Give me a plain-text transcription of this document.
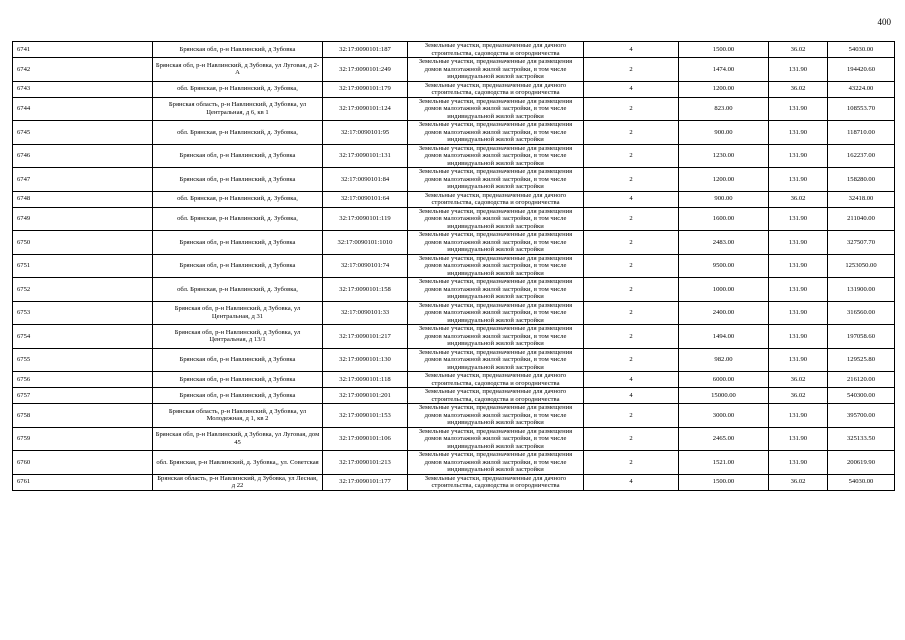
400
6741	Брянская обл, р-н Навлинский, д Зубовка	32:17:0090101:187	Земельные участки, предназначенные для дачного строительства, садоводства и огородничества	4	1500.00	36.02	54030.00
6742	Брянская обл, р-н Навлинский, д Зубовка, ул Луговая, д 2-А	32:17:0090101:249	Земельные участки, предназначенные для размещения домов малоэтажной жилой застройки, в том числе индивидуальной жилой застройки	2	1474.00	131.90	194420.60
6743	обл. Брянская, р-н Навлинский, д. Зубовка,	32:17:0090101:179	Земельные участки, предназначенные для дачного строительства, садоводства и огородничества	4	1200.00	36.02	43224.00
6744	Брянская область, р-н Навлинский, д Зубовка, ул Центральная, д 6, кв 1	32:17:0090101:124	Земельные участки, предназначенные для размещения домов малоэтажной жилой застройки, в том числе индивидуальной жилой застройки	2	823.00	131.90	108553.70
6745	обл. Брянская, р-н Навлинский, д. Зубовка,	32:17:0090101:95	Земельные участки, предназначенные для размещения домов малоэтажной жилой застройки, в том числе индивидуальной жилой застройки	2	900.00	131.90	118710.00
6746	Брянская обл, р-н Навлинский, д Зубовка	32:17:0090101:131	Земельные участки, предназначенные для размещения домов малоэтажной жилой застройки, в том числе индивидуальной жилой застройки	2	1230.00	131.90	162237.00
6747	Брянская обл, р-н Навлинский, д Зубовка	32:17:0090101:84	Земельные участки, предназначенные для размещения домов малоэтажной жилой застройки, в том числе индивидуальной жилой застройки	2	1200.00	131.90	158280.00
6748	обл. Брянская, р-н Навлинский, д. Зубовка,	32:17:0090101:64	Земельные участки, предназначенные для дачного строительства, садоводства и огородничества	4	900.00	36.02	32418.00
6749	обл. Брянская, р-н Навлинский, д. Зубовка,	32:17:0090101:119	Земельные участки, предназначенные для размещения домов малоэтажной жилой застройки, в том числе индивидуальной жилой застройки	2	1600.00	131.90	211040.00
6750	Брянская обл, р-н Навлинский, д Зубовка	32:17:0090101:1010	Земельные участки, предназначенные для размещения домов малоэтажной жилой застройки, в том числе индивидуальной жилой застройки	2	2483.00	131.90	327507.70
6751	Брянская обл, р-н Навлинский, д Зубовка	32:17:0090101:74	Земельные участки, предназначенные для размещения домов малоэтажной жилой застройки, в том числе индивидуальной жилой застройки	2	9500.00	131.90	1253050.00
6752	обл. Брянская, р-н Навлинский, д. Зубовка,	32:17:0090101:158	Земельные участки, предназначенные для размещения домов малоэтажной жилой застройки, в том числе индивидуальной жилой застройки	2	1000.00	131.90	131900.00
6753	Брянская обл, р-н Навлинский, д Зубовка, ул Центральная, д 31	32:17:0090101:33	Земельные участки, предназначенные для размещения домов малоэтажной жилой застройки, в том числе индивидуальной жилой застройки	2	2400.00	131.90	316560.00
6754	Брянская обл, р-н Навлинский, д Зубовка, ул Центральная, д 13/1	32:17:0090101:217	Земельные участки, предназначенные для размещения домов малоэтажной жилой застройки, в том числе индивидуальной жилой застройки	2	1494.00	131.90	197058.60
6755	Брянская обл, р-н Навлинский, д Зубовка	32:17:0090101:130	Земельные участки, предназначенные для размещения домов малоэтажной жилой застройки, в том числе индивидуальной жилой застройки	2	982.00	131.90	129525.80
6756	Брянская обл, р-н Навлинский, д Зубовка	32:17:0090101:118	Земельные участки, предназначенные для дачного строительства, садоводства и огородничества	4	6000.00	36.02	216120.00
6757	Брянская обл, р-н Навлинский, д Зубовка	32:17:0090101:201	Земельные участки, предназначенные для дачного строительства, садоводства и огородничества	4	15000.00	36.02	540300.00
6758	Брянская область, р-н Навлинский, д Зубовка, ул Молодежная, д 1, кв 2	32:17:0090101:153	Земельные участки, предназначенные для размещения домов малоэтажной жилой застройки, в том числе индивидуальной жилой застройки	2	3000.00	131.90	395700.00
6759	Брянская обл, р-н Навлинский, д Зубовка, ул Луговая, дом 45	32:17:0090101:106	Земельные участки, предназначенные для размещения домов малоэтажной жилой застройки, в том числе индивидуальной жилой застройки	2	2465.00	131.90	325133.50
6760	обл. Брянская, р-н Навлинский, д. Зубовка,, ул. Советская	32:17:0090101:213	Земельные участки, предназначенные для размещения домов малоэтажной жилой застройки, в том числе индивидуальной жилой застройки	2	1521.00	131.90	200619.90
6761	Брянская область, р-н Навлинский, д Зубовка, ул Лесная, д 22	32:17:0090101:177	Земельные участки, предназначенные для дачного строительства, садоводства и огородничества	4	1500.00	36.02	54030.00
